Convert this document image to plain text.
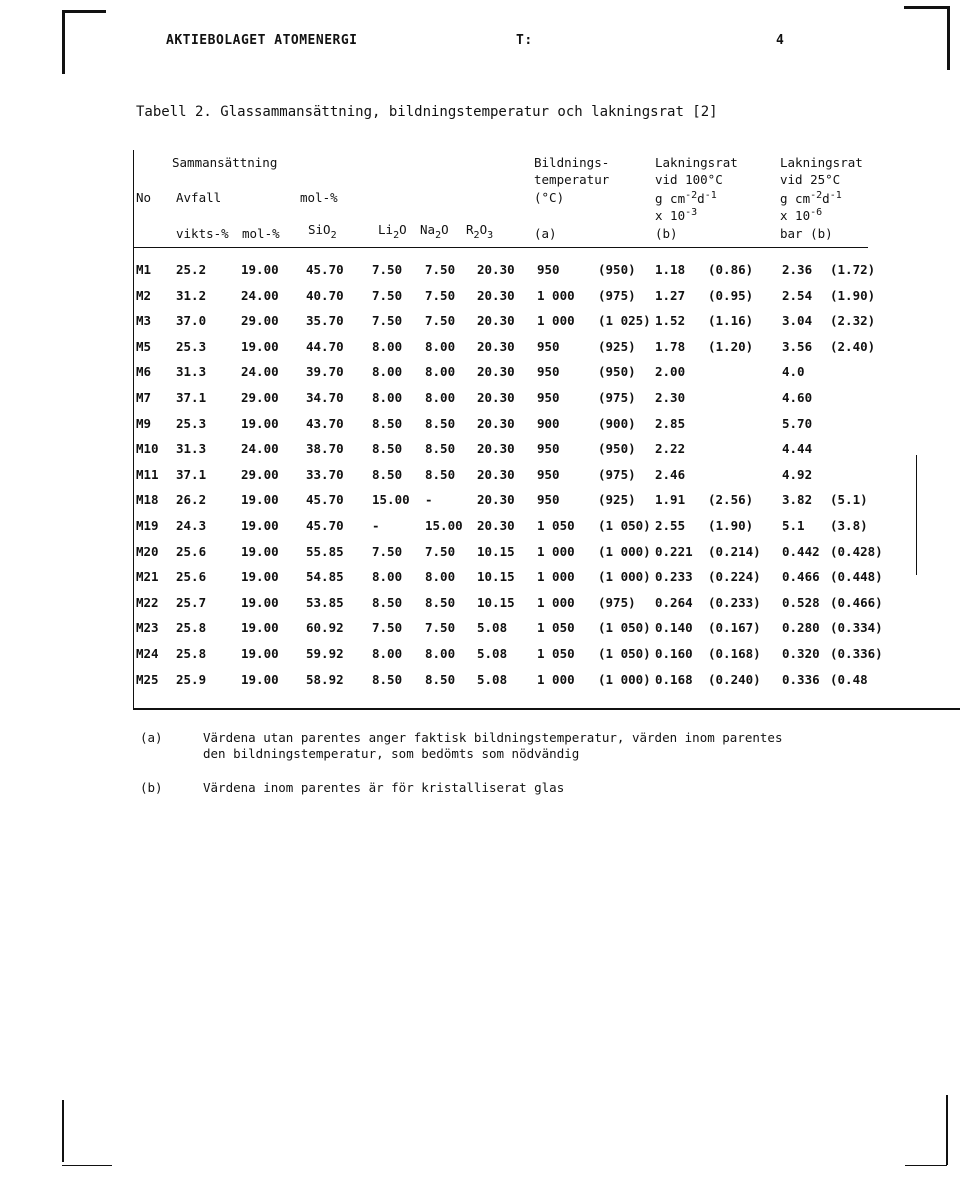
AKTIEBOLAGET ATOMENERGI	T:	4
Tabell 2. Glassammansättning, bildningstemperatur och lakningsrat [2]
Sammansättning
No Avfall	mol-%
vikts-% mol-% SiO$_2$	$Li_2O$ $Na_2O$ $R_2O_3$
Bildnings-
temperatur
(°C)
(a)
Lakningsrat
vid 100°C
g $cm^{-2}d^{-1}$
x $10^{-3}$
(b)
Lakningsrat
vid 25°C
g $cm^{-2}d^{-1}$
x $10^{-6}$
bar (b)
M1 25.2	19.00 45.70 7.50 7.50 20.30 950	(950) 1.18 (0.86) 2.36 (1.72)
M2 31.2	24.00 40.70 7.50 7.50 20.30 1 000 (975) 1.27 (0.95) 2.54 (1.90)
M3 37.0	29.00 35.70 7.50 7.50 20.30 1 000 (1 025) 1.52 (1.16) 3.04 (2.32)
M5 25.3	19.00 44.70 8.00 8.00 20.30 950	(925) 1.78 (1.20) 3.56 (2.40)
M6 31.3	24.00 39.70 8.00 8.00 20.30 950	(950) 2.00	4.0
M7 37.1	29.00 34.70 8.00 8.00 20.30 950	(975) 2.30	4.60
M9 25.3	19.00 43.70 8.50 8.50 20.30 900	(900) 2.85	5.70
M10 31.3	24.00 38.70 8.50 8.50 20.30 950	(950) 2.22	4.44
M11 37.1	29.00 33.70 8.50 8.50 20.30 950	(975) 2.46	4.92
M18 26.2	19.00 45.70 15.00 -	20.30 950	(925) 1.91 (2.56) 3.82 (5.1)
M19 24.3	19.00 45.70 -	15.00 20.30 1 050 (1 050) 2.55 (1.90) 5.1 (3.8)
M20 25.6	19.00 55.85 7.50 7.50 10.15 1 000 (1 000) 0.221 (0.214) 0.442 (0.428)
M21 25.6	19.00 54.85 8.00 8.00 10.15 1 000 (1 000) 0.233 (0.224) 0.466 (0.448)
M22 25.7	19.00 53.85 8.50 8.50 10.15 1 000 (975) 0.264 (0.233) 0.528 (0.466)
M23 25.8	19.00 60.92 7.50 7.50 5.08 1 050 (1 050) 0.140 (0.167) 0.280 (0.334)
M24 25.8	19.00 59.92 8.00 8.00 5.08 1 050 (1 050) 0.160 (0.168) 0.320 (0.336)
M25 25.9	19.00 58.92 8.50 8.50 5.08 1 000 (1 000) 0.168 (0.240) 0.336 (0.48
(a)	Värdena utan parentes anger faktisk bildningstemperatur, värden inom parentes
den bildningstemperatur, som bedömts som nödvändig
(b)	Värdena inom parentes är för kristalliserat glas
